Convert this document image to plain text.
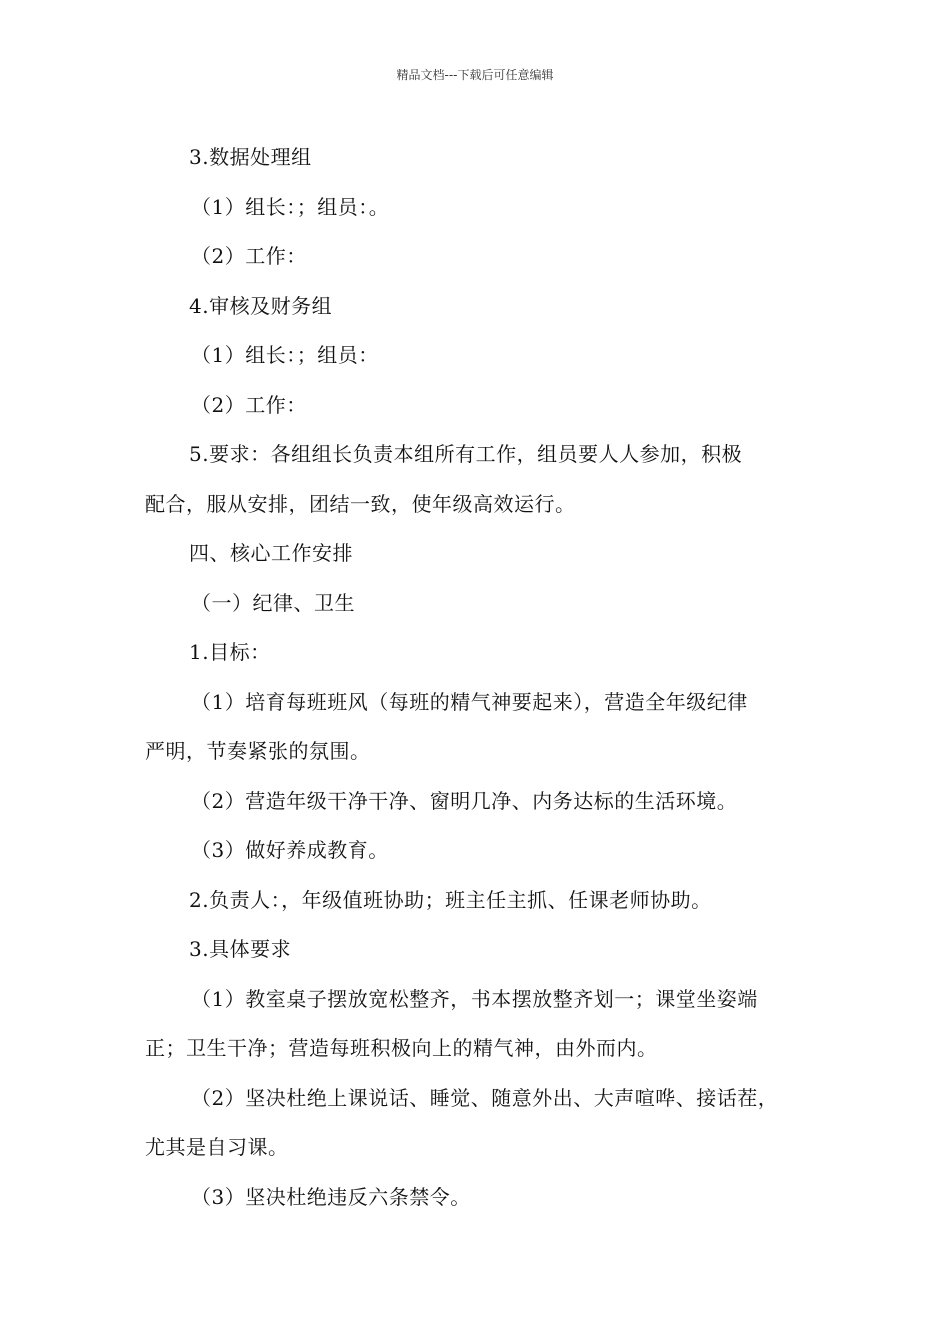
精品文档---下载后可任意编辑
3.数据处理组
（1）组长：；组员：。
（2）工作：
4.审核及财务组
（1）组长：；组员：
（2）工作：
5.要求：各组组长负责本组所有工作，组员要人人参加，积极
配合，服从安排，团结一致，使年级高效运行。
四、核心工作安排
（一）纪律、卫生
1.目标：
（1）培育每班班风（每班的精气神要起来），营造全年级纪律
严明，节奏紧张的氛围。
（2）营造年级干净干净、窗明几净、内务达标的生活环境。
（3）做好养成教育。
2.负责人：，年级值班协助；班主任主抓、任课老师协助。
3.具体要求
（1）教室桌子摆放宽松整齐，书本摆放整齐划一；课堂坐姿端
正；卫生干净；营造每班积极向上的精气神，由外而内。
（2）坚决杜绝上课说话、睡觉、随意外出、大声喧哗、接话茬，
尤其是自习课。
（3）坚决杜绝违反六条禁令。
